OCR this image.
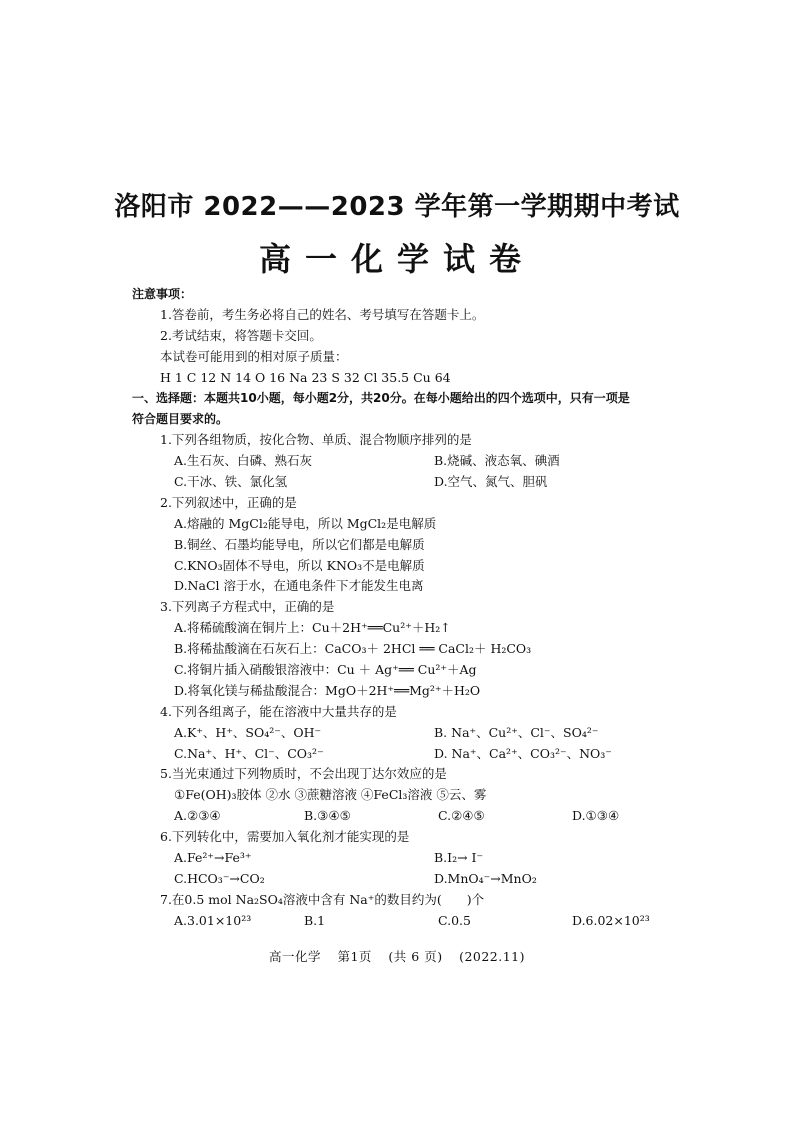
洛阳市 2022——2023 学年第一学期期中考试
高一化学试卷
注意事项：
1.答卷前，考生务必将自己的姓名、考号填写在答题卡上。
2.考试结束，将答题卡交回。
本试卷可能用到的相对原子质量：
H 1 C 12 N 14 O 16 Na 23 S 32 Cl 35.5 Cu 64
一、选择题：本题共10小题，每小题2分，共20分。在每小题给出的四个选项中，只有一项是
符合题目要求的。
1.下列各组物质，按化合物、单质、混合物顺序排列的是
A.生石灰、白磷、熟石灰	B.烧碱、液态氧、碘酒
C.干冰、铁、氯化氢	D.空气、氮气、胆矾
2.下列叙述中，正确的是
A.熔融的 MgCl₂能导电，所以 MgCl₂是电解质
B.铜丝、石墨均能导电，所以它们都是电解质
C.KNO₃固体不导电，所以 KNO₃不是电解质
D.NaCl 溶于水，在通电条件下才能发生电离
3.下列离子方程式中，正确的是
A.将稀硫酸滴在铜片上：Cu＋2H⁺══Cu²⁺＋H₂↑
B.将稀盐酸滴在石灰石上：CaCO₃＋ 2HCl ══ CaCl₂＋ H₂CO₃
C.将铜片插入硝酸银溶液中：Cu ＋ Ag⁺══ Cu²⁺＋Ag
D.将氧化镁与稀盐酸混合：MgO＋2H⁺══Mg²⁺＋H₂O
4.下列各组离子，能在溶液中大量共存的是
A.K⁺、H⁺、SO₄²⁻、OH⁻	B. Na⁺、Cu²⁺、Cl⁻、SO₄²⁻
C.Na⁺、H⁺、Cl⁻、CO₃²⁻	D. Na⁺、Ca²⁺、CO₃²⁻、NO₃⁻
5.当光束通过下列物质时，不会出现丁达尔效应的是
①Fe(OH)₃胶体 ②水 ③蔗糖溶液 ④FeCl₃溶液 ⑤云、雾
A.②③④	B.③④⑤	C.②④⑤	D.①③④
6.下列转化中，需要加入氧化剂才能实现的是
A.Fe²⁺→Fe³⁺	B.I₂→ I⁻
C.HCO₃⁻→CO₂	D.MnO₄⁻→MnO₂
7.在0.5 mol Na₂SO₄溶液中含有 Na⁺的数目约为(　　)个
A.3.01×10²³	B.1	C.0.5	D.6.02×10²³
高一化学 第1页 (共 6 页) (2022.11)
